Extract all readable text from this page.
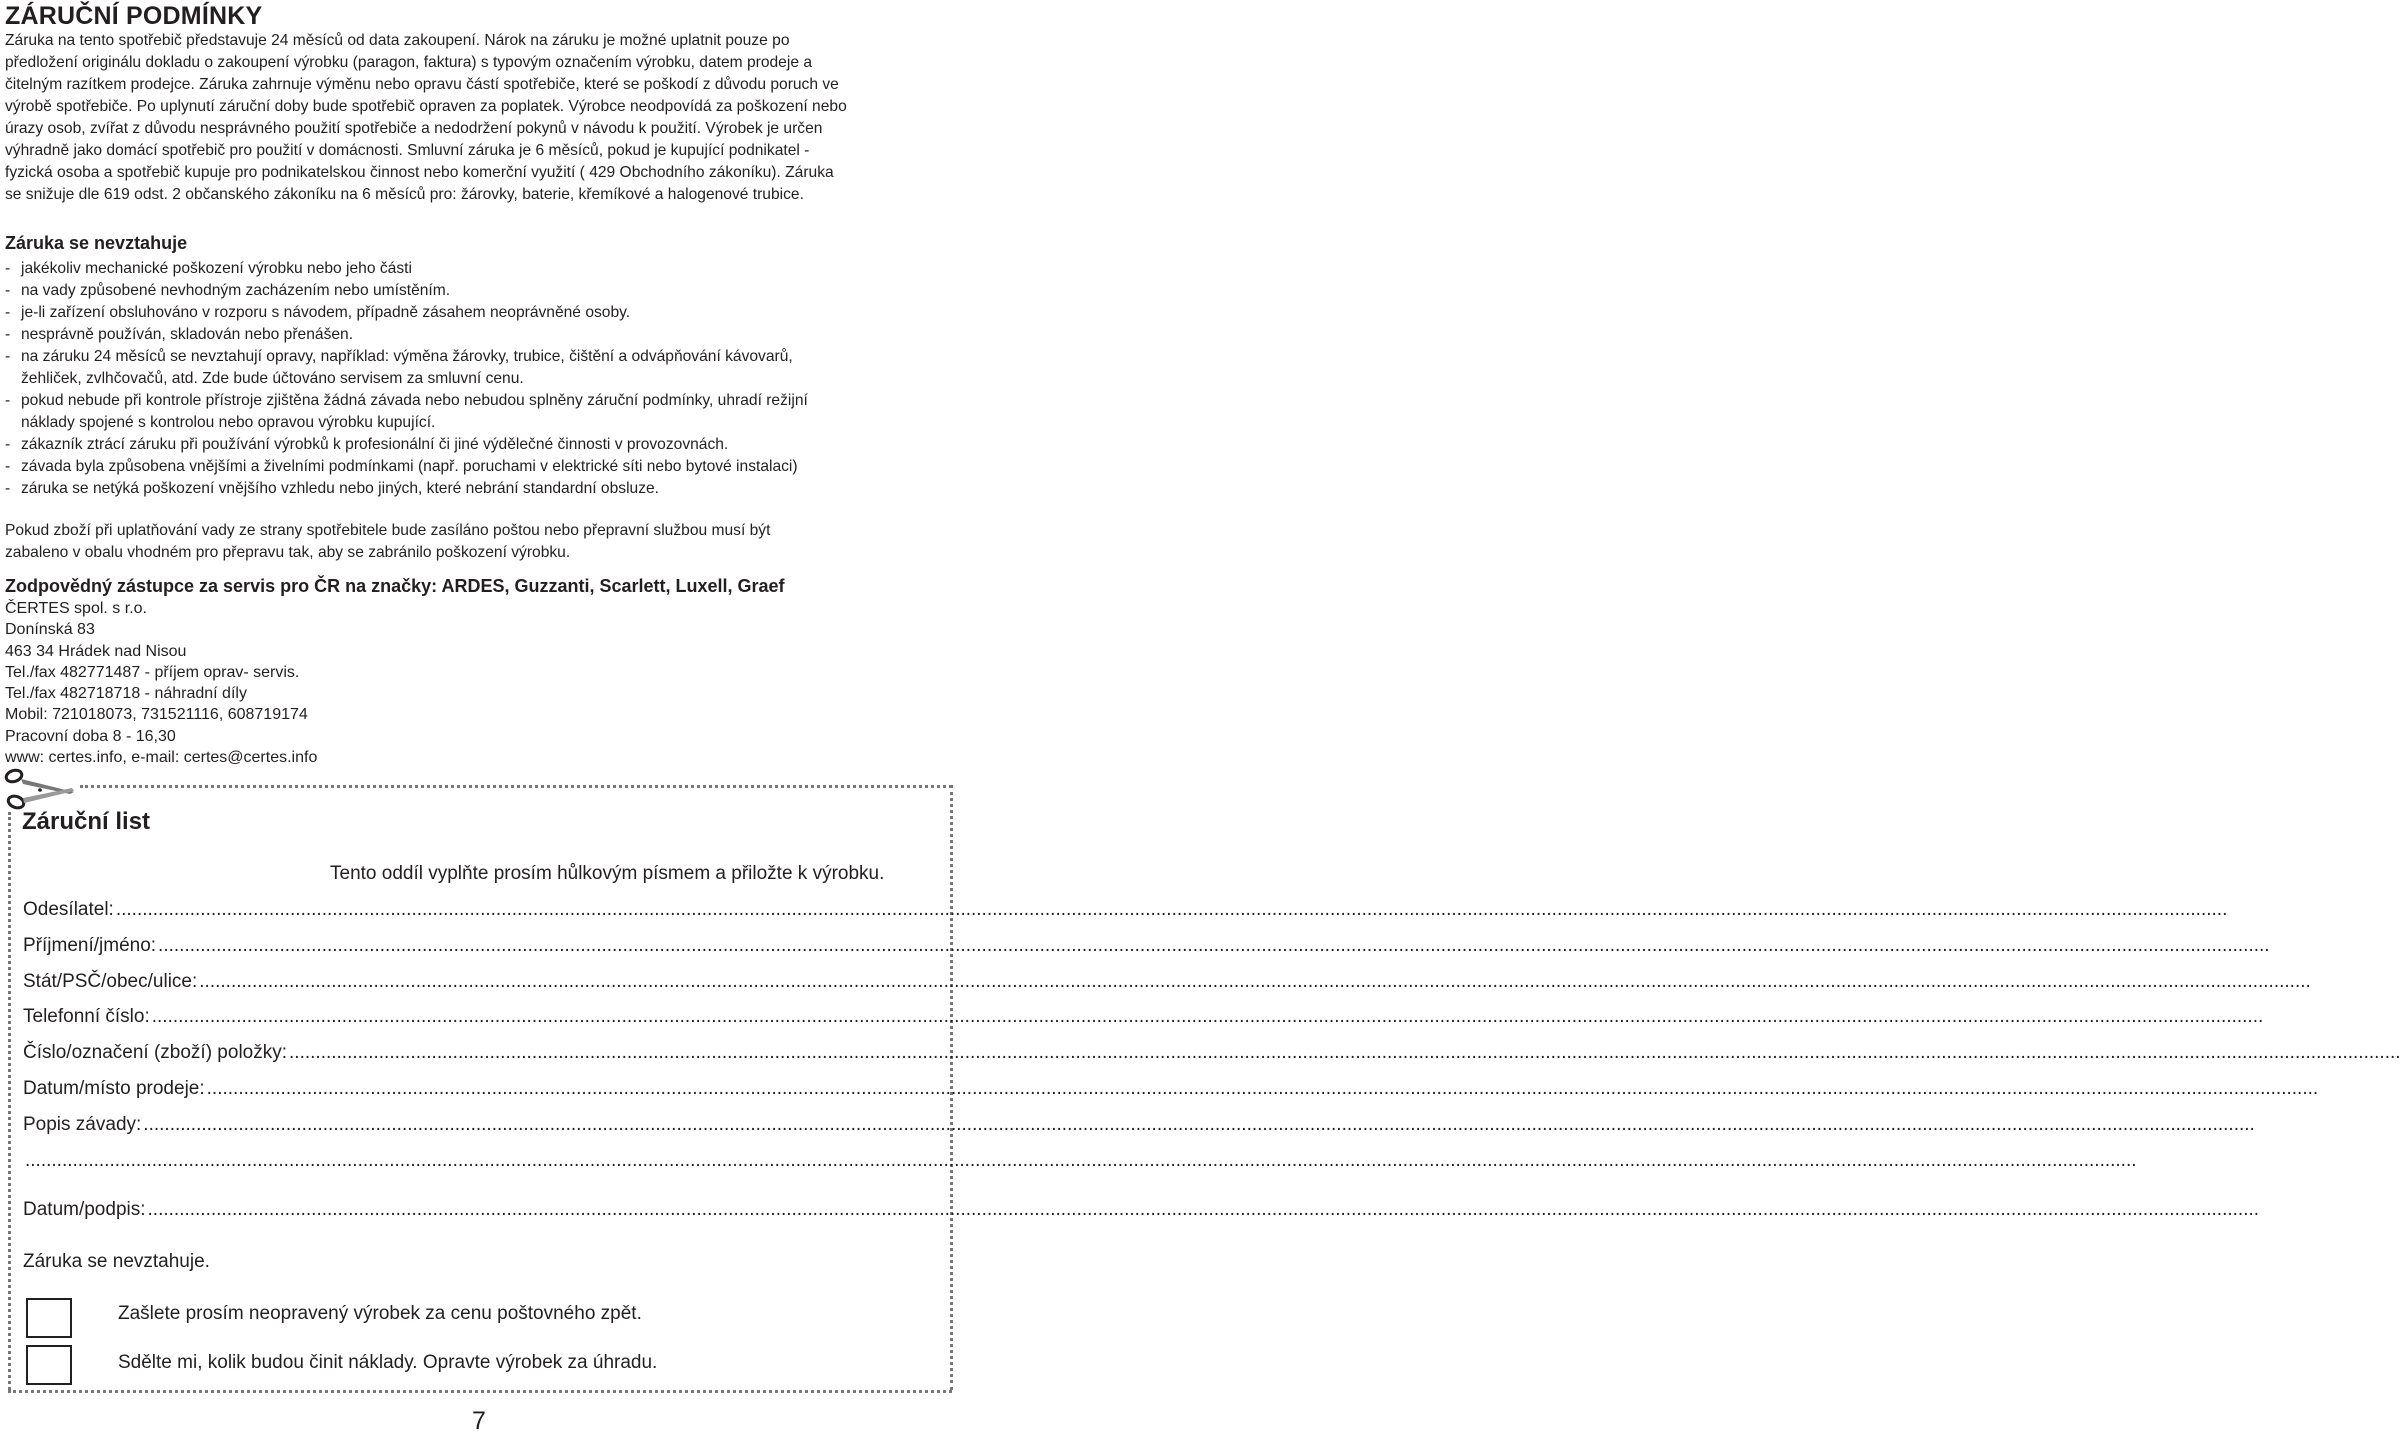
ZÁRUČNÍ PODMÍNKY
Záruka na tento spotřebič představuje 24 měsíců od data zakoupení. Nárok na záruku je možné uplatnit pouze po
předložení originálu dokladu o zakoupení výrobku (paragon, faktura) s typovým označením výrobku, datem prodeje a
čitelným razítkem prodejce. Záruka zahrnuje výměnu nebo opravu částí spotřebiče, které se poškodí z důvodu poruch ve
výrobě spotřebiče. Po uplynutí záruční doby bude spotřebič opraven za poplatek. Výrobce neodpovídá za poškození nebo
úrazy osob, zvířat z důvodu nesprávného použití spotřebiče a nedodržení pokynů v návodu k použití. Výrobek je určen
výhradně jako domácí spotřebič pro použití v domácnosti. Smluvní záruka je 6 měsíců, pokud je kupující podnikatel -
fyzická osoba a spotřebič kupuje pro podnikatelskou činnost nebo komerční využití ( 429 Obchodního zákoníku). Záruka
se snižuje dle 619 odst. 2 občanského zákoníku na 6 měsíců pro: žárovky, baterie, křemíkové a halogenové trubice.
Záruka se nevztahuje
- jakékoliv mechanické poškození výrobku nebo jeho části
- na vady způsobené nevhodným zacházením nebo umístěním.
- je-li zařízení obsluhováno v rozporu s návodem, případně zásahem neoprávněné osoby.
- nesprávně používán, skladován nebo přenášen.
- na záruku 24 měsíců se nevztahují opravy, například: výměna žárovky, trubice, čištění a odvápňování kávovarů,
žehliček, zvlhčovačů, atd. Zde bude účtováno servisem za smluvní cenu.
- pokud nebude při kontrole přístroje zjištěna žádná závada nebo nebudou splněny záruční podmínky, uhradí režijní
náklady spojené s kontrolou nebo opravou výrobku kupující.
- zákazník ztrácí záruku při používání výrobků k profesionální či jiné výdělečné činnosti v provozovnách.
- závada byla způsobena vnějšími a živelními podmínkami (např. poruchami v elektrické síti nebo bytové instalaci)
- záruka se netýká poškození vnějšího vzhledu nebo jiných, které nebrání standardní obsluze.
Pokud zboží při uplatňování vady ze strany spotřebitele bude zasíláno poštou nebo přepravní službou musí být
zabaleno v obalu vhodném pro přepravu tak, aby se zabránilo poškození výrobku.
Zodpovědný zástupce za servis pro ČR na značky: ARDES, Guzzanti, Scarlett, Luxell, Graef
ČERTES spol. s r.o.
Donínská 83
463 34 Hrádek nad Nisou
Tel./fax 482771487 - příjem oprav- servis.
Tel./fax 482718718 - náhradní díly
Mobil: 721018073, 731521116, 608719174
Pracovní doba 8 - 16,30
www: certes.info, e-mail: certes@certes.info
Záruční list
Tento oddíl vyplňte prosím hůlkovým písmem a přiložte k výrobku.
Odesílatel: ................................................................................................................................................................................................................................................................................................................................................................................................................
Příjmení/jméno: ................................................................................................................................................................................................................................................................................................................................................................................................................
Stát/PSČ/obec/ulice: ................................................................................................................................................................................................................................................................................................................................................................................................................
Telefonní číslo: ................................................................................................................................................................................................................................................................................................................................................................................................................
Číslo/označení (zboží) položky: ................................................................................................................................................................................................................................................................................................................................................................................................................
Datum/místo prodeje: ................................................................................................................................................................................................................................................................................................................................................................................................................
Popis závady: ................................................................................................................................................................................................................................................................................................................................................................................................................
................................................................................................................................................................................................................................................................................................................................................................................................................
Datum/podpis: ................................................................................................................................................................................................................................................................................................................................................................................................................
Záruka se nevztahuje.
Zašlete prosím neopravený výrobek za cenu poštovného zpět.
Sdělte mi, kolik budou činit náklady. Opravte výrobek za úhradu.
7
